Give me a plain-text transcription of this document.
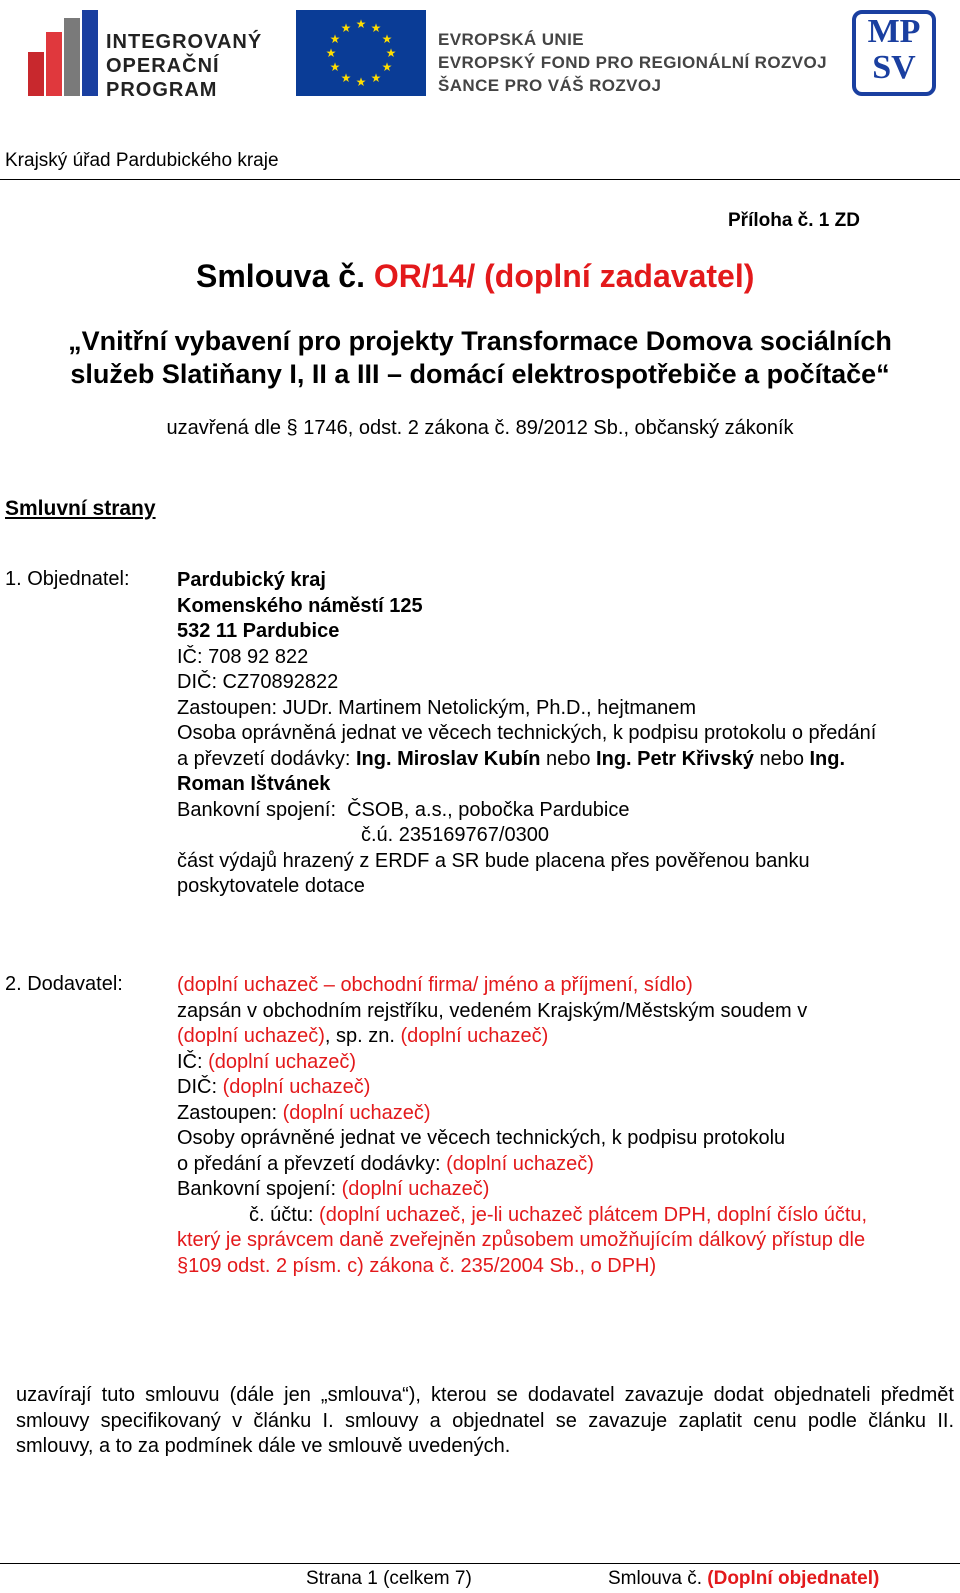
INTEGROVANÝ
OPERAČNÍ
PROGRAM
★ ★
★
★
★
★
★
★
★
★
★
★
EVROPSKÁ UNIE
EVROPSKÝ FOND PRO REGIONÁLNÍ ROZVOJ
ŠANCE PRO VÁŠ ROZVOJ
MP
SV
Krajský úřad Pardubického kraje
Příloha č. 1 ZD
Smlouva č. OR/14/ (doplní zadavatel)
„Vnitřní vybavení pro projekty Transformace Domova sociálních
služeb Slatiňany I, II a III – domácí elektrospotřebiče a počítače“
uzavřená dle § 1746, odst. 2 zákona č. 89/2012 Sb., občanský zákoník
Smluvní strany
1. Objednatel: Pardubický kraj
Komenského náměstí 125
532 11 Pardubice
IČ: 708 92 822
DIČ: CZ70892822
Zastoupen: JUDr. Martinem Netolickým, Ph.D., hejtmanem
Osoba oprávněná jednat ve věcech technických, k podpisu protokolu o předání
a převzetí dodávky: Ing. Miroslav Kubín nebo Ing. Petr Křivský nebo Ing.
Roman Ištvánek
Bankovní spojení:  ČSOB, a.s., pobočka Pardubice
č.ú. 235169767/0300
část výdajů hrazený z ERDF a SR bude placena přes pověřenou banku
poskytovatele dotace
2. Dodavatel:	(doplní uchazeč – obchodní firma/ jméno a příjmení, sídlo)
zapsán v obchodním rejstříku, vedeném Krajským/Městským soudem v
(doplní uchazeč), sp. zn. (doplní uchazeč)
IČ: (doplní uchazeč)
DIČ: (doplní uchazeč)
Zastoupen: (doplní uchazeč)
Osoby oprávněné jednat ve věcech technických, k podpisu protokolu
o předání a převzetí dodávky: (doplní uchazeč)
Bankovní spojení: (doplní uchazeč)
č. účtu: (doplní uchazeč, je-li uchazeč plátcem DPH, doplní číslo účtu,
který je správcem daně zveřejněn způsobem umožňujícím dálkový přístup dle
§109 odst. 2 písm. c) zákona č. 235/2004 Sb., o DPH)
uzavírají tuto smlouvu (dále jen „smlouva“), kterou se dodavatel zavazuje dodat objednateli předmět smlouvy specifikovaný v článku I. smlouvy a objednatel se zavazuje zaplatit cenu podle článku II. smlouvy, a to za podmínek dále ve smlouvě uvedených.
Strana 1 (celkem 7)	Smlouva č. (Doplní objednatel)
